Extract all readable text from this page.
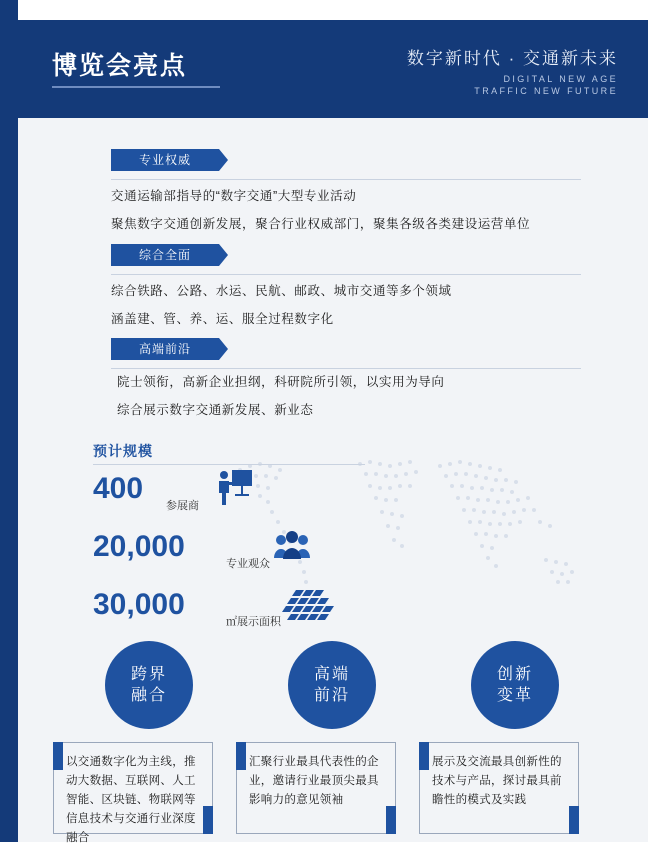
博览会亮点	数字新时代 · 交通新未来
DIGITAL NEW AGE
TRAFFIC NEW FUTURE
专业权威
交通运输部指导的“数字交通”大型专业活动
聚焦数字交通创新发展，聚合行业权威部门，聚集各级各类建设运营单位
综合全面
综合铁路、公路、水运、民航、邮政、城市交通等多个领域
涵盖建、管、养、运、服全过程数字化
高端前沿
院士领衔，高新企业担纲，科研院所引领，以实用为导向
综合展示数字交通新发展、新业态
预计规模
400
参展商
20,000
专业观众
30,000
㎡展示面积
跨界
融合
高端
前沿
创新
变革
以交通数字化为主线，推动大数据、互联网、人工智能、区块链、物联网等信息技术与交通行业深度融合
汇聚行业最具代表性的企业，邀请行业最顶尖最具影响力的意见领袖
展示及交流最具创新性的技术与产品，探讨最具前瞻性的模式及实践
